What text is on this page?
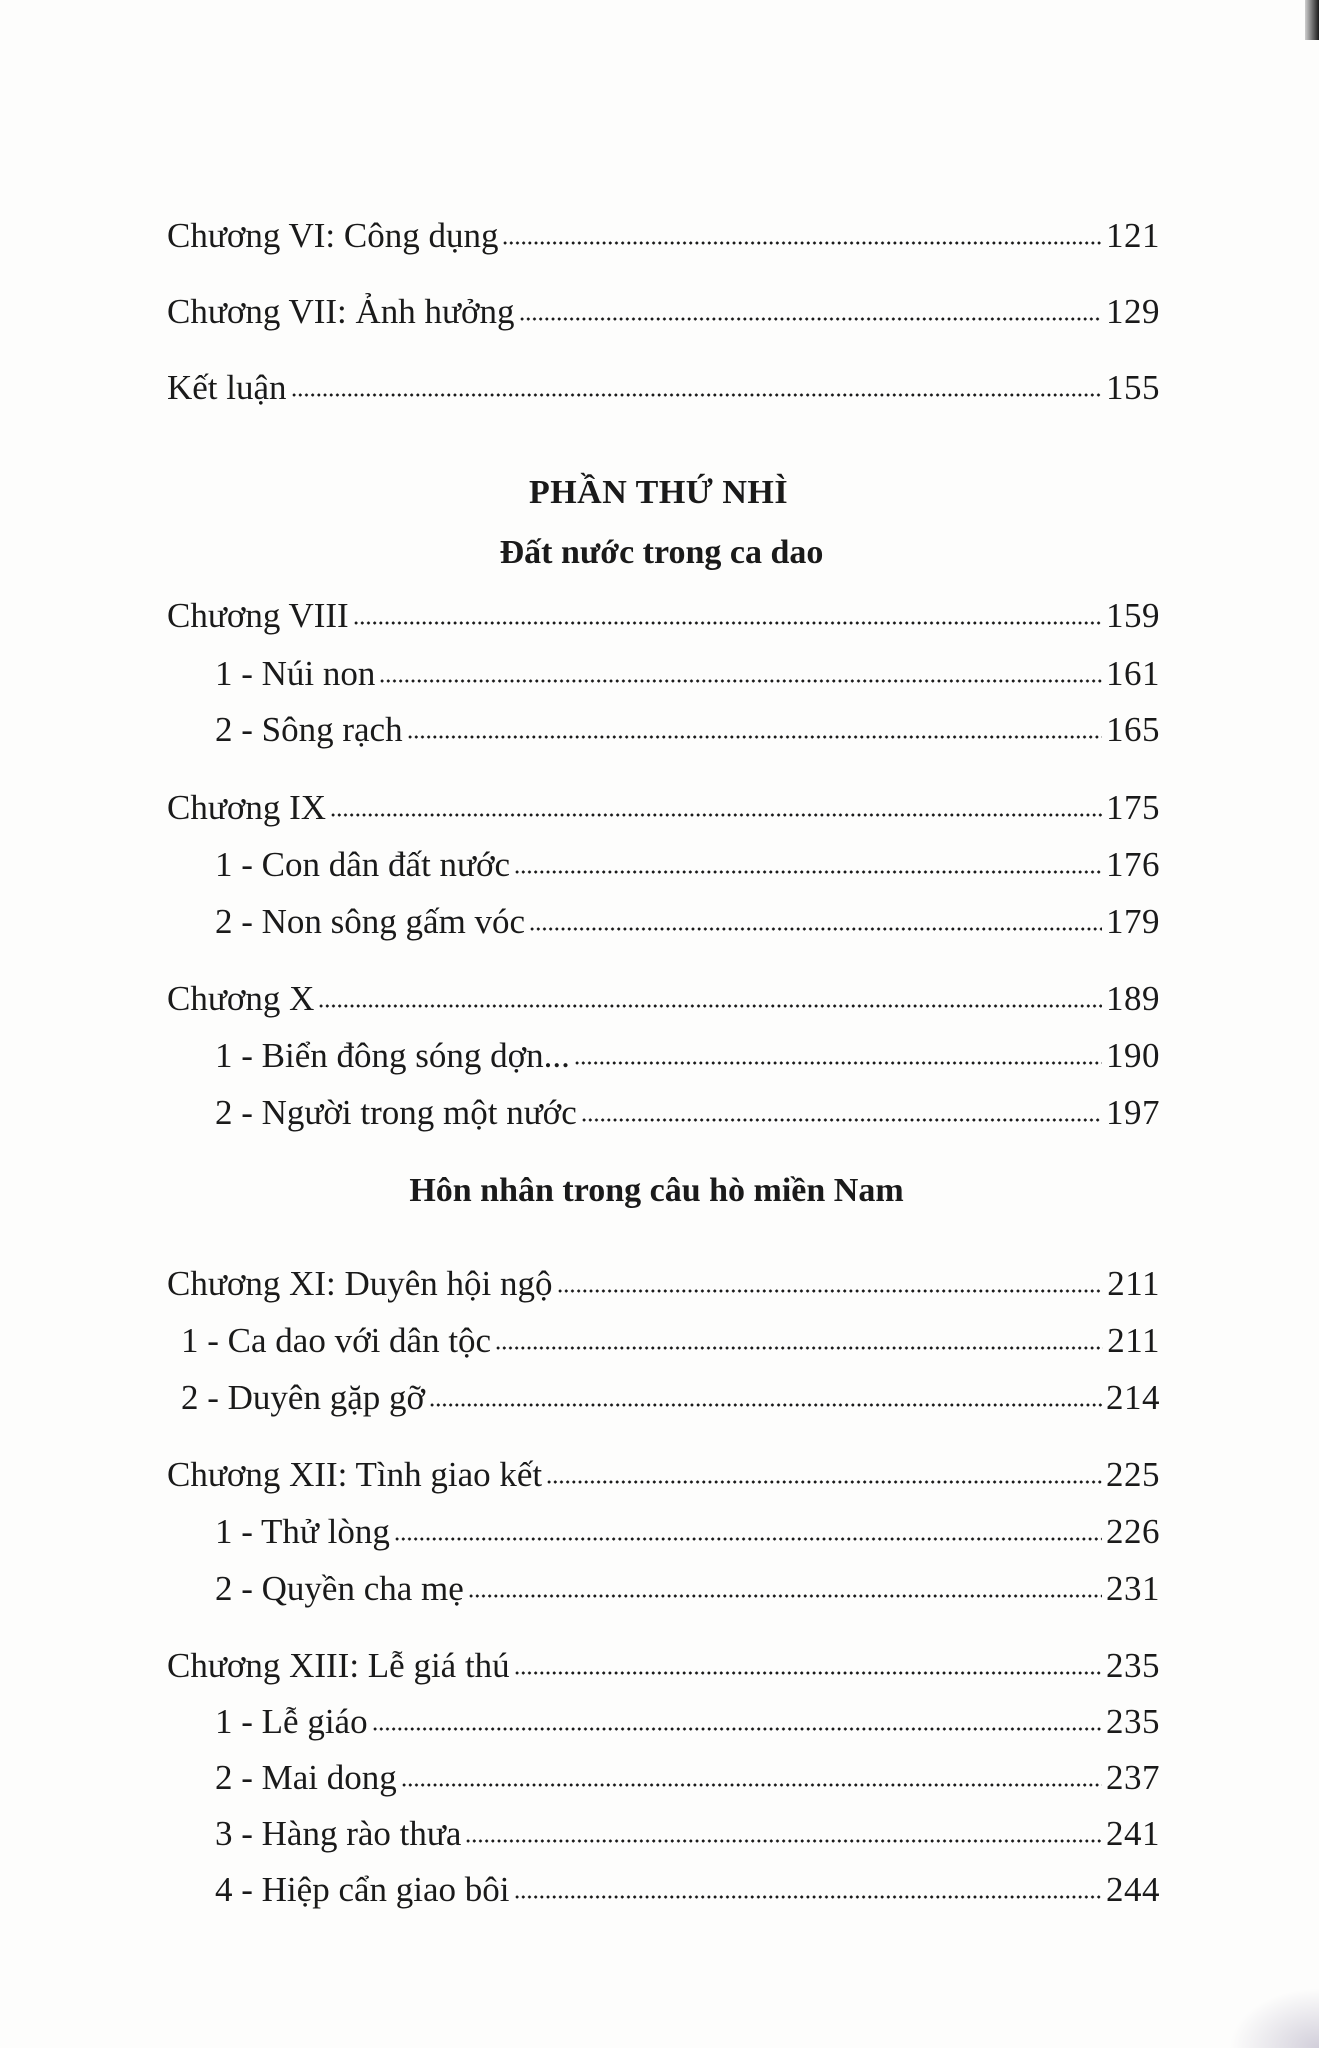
Chương VI: Công dụng	121
Chương VII: Ảnh hưởng	129
Kết luận	155
PHẦN THỨ NHÌ
Đất nước trong ca dao
Chương VIII	159
1 - Núi non	161
2 - Sông rạch	165
Chương IX	175
1 - Con dân đất nước	176
2 - Non sông gấm vóc	179
Chương X	189
1 - Biển đông sóng dợn...	190
2 - Người trong một nước	197
Hôn nhân trong câu hò miền Nam
Chương XI: Duyên hội ngộ	211
1 - Ca dao với dân tộc	211
2 - Duyên gặp gỡ	214
Chương XII: Tình giao kết	225
1 - Thử lòng	226
2 - Quyền cha mẹ	231
Chương XIII: Lễ giá thú	235
1 - Lễ giáo	235
2 - Mai dong	237
3 - Hàng rào thưa	241
4 - Hiệp cẩn giao bôi	244
